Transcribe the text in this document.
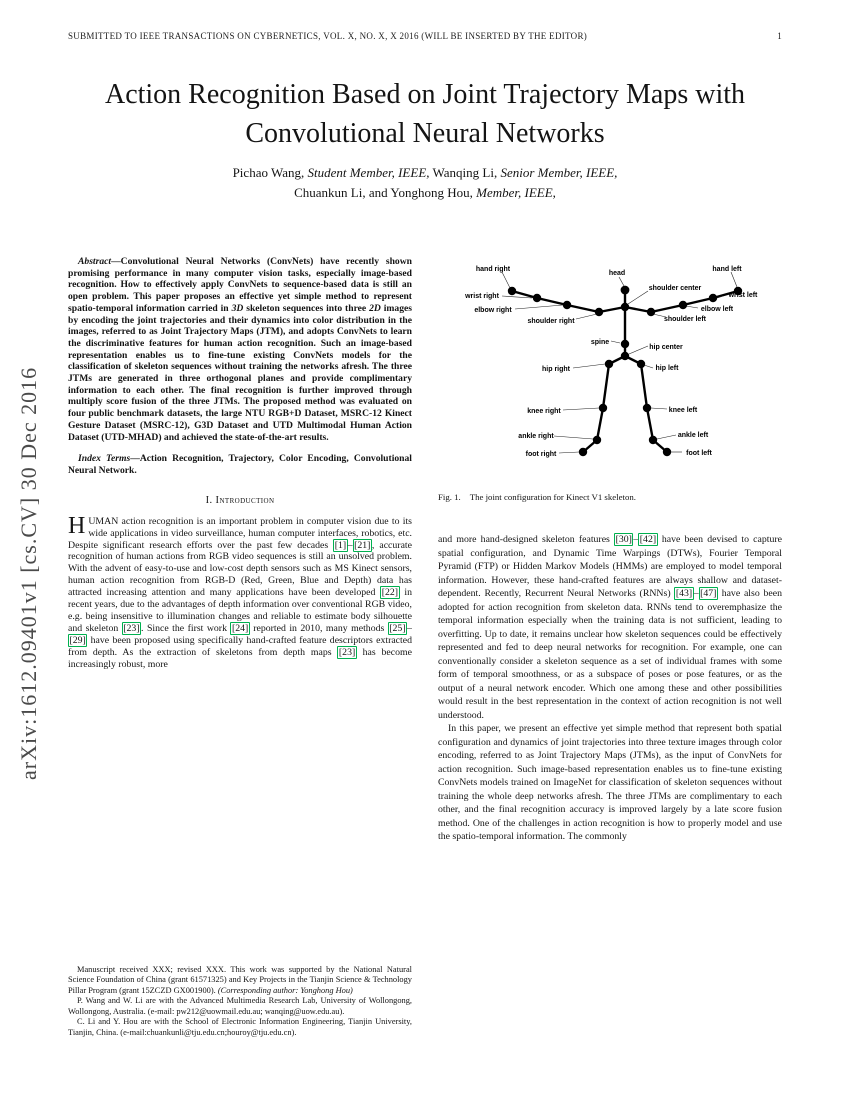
SUBMITTED TO IEEE TRANSACTIONS ON CYBERNETICS, VOL. X, NO. X, X 2016 (WILL BE INSERTED BY THE EDITOR)	1
arXiv:1612.09401v1 [cs.CV] 30 Dec 2016
Action Recognition Based on Joint Trajectory Maps with Convolutional Neural Networks
Pichao Wang, Student Member, IEEE, Wanqing Li, Senior Member, IEEE,
Chuankun Li, and Yonghong Hou, Member, IEEE,

Abstract—Convolutional Neural Networks (ConvNets) have recently shown promising performance in many computer vision tasks, especially image-based recognition. How to effectively apply ConvNets to sequence-based data is still an open problem. This paper proposes an effective yet simple method to represent spatio-temporal information carried in 3D skeleton sequences into three 2D images by encoding the joint trajectories and their dynamics into color distribution in the images, referred to as Joint Trajectory Maps (JTM), and adopts ConvNets to learn the discriminative features for human action recognition. Such an image-based representation enables us to fine-tune existing ConvNets models for the classification of skeleton sequences without training the networks afresh. The three JTMs are generated in three orthogonal planes and provide complimentary information to each other. The final recognition is further improved through multiply score fusion of the three JTMs. The proposed method was evaluated on four public benchmark datasets, the large NTU RGB+D Dataset, MSRC-12 Kinect Gesture Dataset (MSRC-12), G3D Dataset and UTD Multimodal Human Action Dataset (UTD-MHAD) and achieved the state-of-the-art results.

Index Terms—Action Recognition, Trajectory, Color Encoding, Convolutional Neural Network.

I. Introduction

HUMAN action recognition is an important problem in computer vision due to its wide applications in video surveillance, human computer interfaces, robotics, etc. Despite significant research efforts over the past few decades [1] – [21] , accurate recognition of human actions from RGB video sequences is still an unsolved problem. With the advent of easy-to-use and low-cost depth sensors such as MS Kinect sensors, human action recognition from RGB-D (Red, Green, Blue and Depth) data has attracted increasing attention and many applications have been developed [22] in recent years, due to the advantages of depth information over conventional RGB video, e.g. being insensitive to illumination changes and reliable to estimate body silhouette and skeleton [23] . Since the first work [24] reported in 2010, many methods [25] –[29] have been proposed using specifically hand-crafted feature descriptors extracted from depth. As the extraction of skeletons from depth maps [23] has become increasingly robust, more

Manuscript received XXX; revised XXX. This work was supported by the National Natural Science Foundation of China (grant 61571325) and Key Projects in the Tianjin Science & Technology Pillar Program (grant 15ZCZD GX001900). (Corresponding author: Yonghong Hou)

P. Wang and W. Li are with the Advanced Multimedia Research Lab, University of Wollongong, Wollongong, Australia. (e-mail: pw212@uowmail.edu.au; wanqing@uow.edu.au).

C. Li and Y. Hou are with the School of Electronic Information Engineering, Tianjin University, Tianjin, China. (e-mail:chuankunli@tju.edu.cn;houroy@tju.edu.cn).

hand right
head
hand left
wrist right
shoulder center
wrist left
elbow right	elbow left
shoulder right	shoulder left
spine
hip center
hip right	hip left
knee right	knee left
ankle right	ankle left
foot right	foot left

Fig. 1. The joint configuration for Kinect V1 skeleton.

and more hand-designed skeleton features [30] – [42] have been devised to capture spatial configuration, and Dynamic Time Warpings (DTWs), Fourier Temporal Pyramid (FTP) or Hidden Markov Models (HMMs) are employed to model temporal information. However, these hand-crafted features are always shallow and dataset-dependent. Recently, Recurrent Neural Networks (RNNs) [43] – [47] have also been adopted for action recognition from skeleton data. RNNs tend to overemphasize the temporal information especially when the training data is not sufficient, leading to overfitting. Up to date, it remains unclear how skeleton sequences could be effectively represented and fed to deep neural networks for recognition. For example, one can conventionally consider a skeleton sequence as a set of individual frames with some form of temporal smoothness, or as a subspace of poses or pose features, or as the output of a neural network encoder. Which one among these and other possibilities would result in the best representation in the context of action recognition is not well understood.

In this paper, we present an effective yet simple method that represent both spatial configuration and dynamics of joint trajectories into three texture images through color encoding, referred to as Joint Trajectory Maps (JTMs), as the input of ConvNets for action recognition. Such image-based representation enables us to fine-tune existing ConvNets models trained on ImageNet for classification of skeleton sequences without training the whole deep networks afresh. The three JTMs are complimentary to each other, and the final recognition accuracy is improved largely by a late score fusion method. One of the challenges in action recognition is how to properly model and use the spatio-temporal information. The commonly
